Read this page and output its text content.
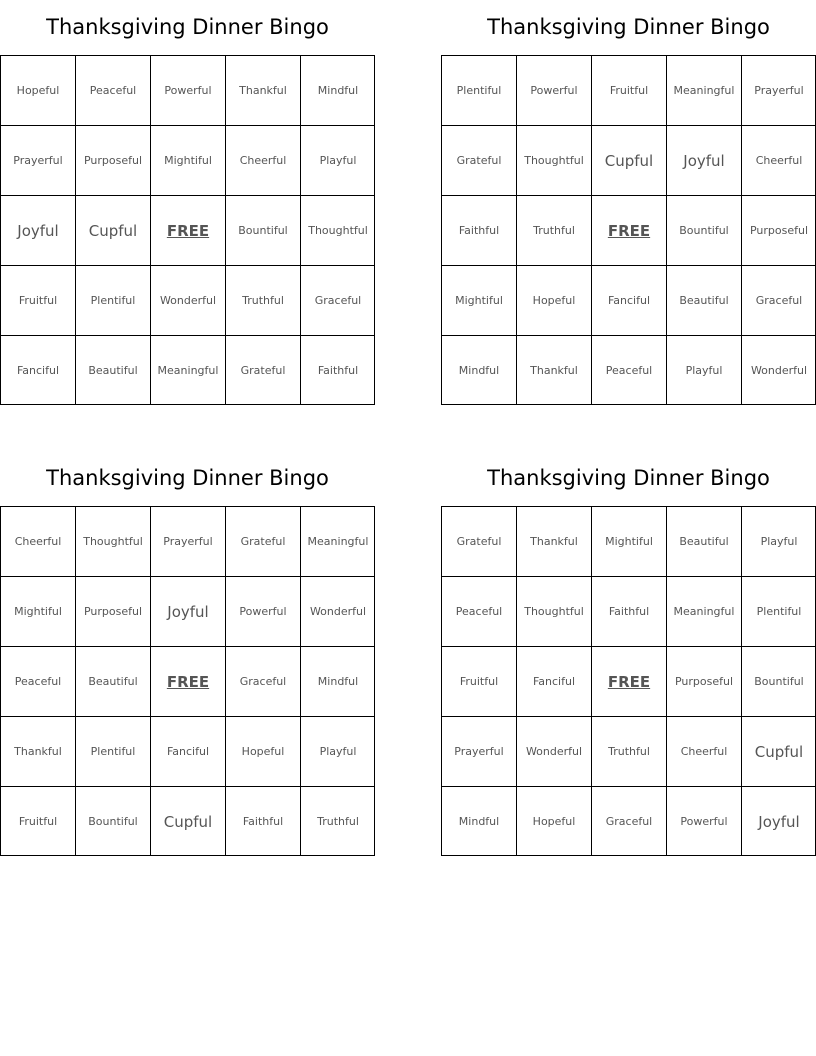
Thanksgiving Dinner Bingo
Hopeful	Peaceful	Powerful	Thankful	Mindful
Prayerful	Purposeful	Mightiful	Cheerful	Playful
Joyful	Cupful	FREE	Bountiful	Thoughtful
Fruitful	Plentiful	Wonderful	Truthful	Graceful
Fanciful	Beautiful	Meaningful	Grateful	Faithful
Thanksgiving Dinner Bingo
Plentiful	Powerful	Fruitful	Meaningful	Prayerful
Grateful	Thoughtful	Cupful	Joyful	Cheerful
Faithful	Truthful	FREE	Bountiful	Purposeful
Mightiful	Hopeful	Fanciful	Beautiful	Graceful
Mindful	Thankful	Peaceful	Playful	Wonderful
Thanksgiving Dinner Bingo
Cheerful	Thoughtful	Prayerful	Grateful	Meaningful
Mightiful	Purposeful	Joyful	Powerful	Wonderful
Peaceful	Beautiful	FREE	Graceful	Mindful
Thankful	Plentiful	Fanciful	Hopeful	Playful
Fruitful	Bountiful	Cupful	Faithful	Truthful
Thanksgiving Dinner Bingo
Grateful	Thankful	Mightiful	Beautiful	Playful
Peaceful	Thoughtful	Faithful	Meaningful	Plentiful
Fruitful	Fanciful	FREE	Purposeful	Bountiful
Prayerful	Wonderful	Truthful	Cheerful	Cupful
Mindful	Hopeful	Graceful	Powerful	Joyful
